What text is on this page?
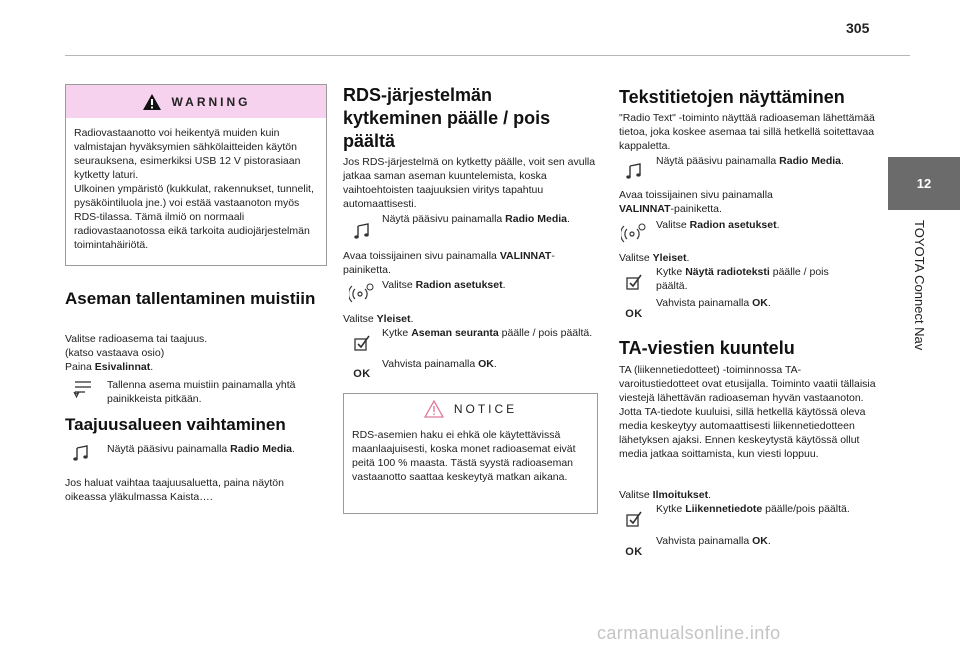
305
12
TOYOTA Connect Nav
WARNING
Radiovastaanotto voi heikentyä muiden kuin valmistajan hyväksymien sähkölaitteiden käytön seurauksena, esimerkiksi USB 12 V pistorasiaan kytketty laturi.
Ulkoinen ympäristö (kukkulat, rakennukset, tunnelit, pysäköintiluola jne.) voi estää vastaanoton myös RDS-tilassa. Tämä ilmiö on normaali radiovastaanotossa eikä tarkoita audiojärjestelmän toimintahäiriötä.
Aseman tallentaminen muistiin
Valitse radioasema tai taajuus.
(katso vastaava osio)
Paina Esivalinnat.
Tallenna asema muistiin painamalla yhtä painikkeista pitkään.
Taajuusalueen vaihtaminen
Näytä pääsivu painamalla Radio Media.
Jos haluat vaihtaa taajuusaluetta, paina näytön oikeassa yläkulmassa Kaista….
RDS-järjestelmän
kytkeminen päälle / pois
päältä
Jos RDS-järjestelmä on kytketty päälle, voit sen avulla jatkaa saman aseman kuuntelemista, koska vaihtoehtoisten taajuuksien viritys tapahtuu automaattisesti.
Näytä pääsivu painamalla Radio Media.
Avaa toissijainen sivu painamalla VALINNAT-painiketta.
Valitse Radion asetukset.
Valitse Yleiset.
Kytke Aseman seuranta päälle / pois päältä.
OK
Vahvista painamalla OK.
NOTICE
RDS-asemien haku ei ehkä ole käytettävissä maanlaajuisesti, koska monet radioasemat eivät peitä 100 % maasta. Tästä syystä radioaseman vastaanotto saattaa keskeytyä matkan aikana.
Tekstitietojen näyttäminen
"Radio Text" -toiminto näyttää radioaseman lähettämää tietoa, joka koskee asemaa tai sillä hetkellä soitettavaa kappaletta.
Näytä pääsivu painamalla Radio Media.
Avaa toissijainen sivu painamalla VALINNAT-painiketta.
Valitse Radion asetukset.
Valitse Yleiset.
Kytke Näytä radioteksti päälle / pois päältä.
OK
Vahvista painamalla OK.
TA-viestien kuuntelu
TA (liikennetiedotteet) -toiminnossa TA-varoitustiedotteet ovat etusijalla. Toiminto vaatii tällaisia viestejä lähettävän radioaseman hyvän vastaanoton. Jotta TA-tiedote kuuluisi, sillä hetkellä käytössä oleva media keskeytyy automaattisesti liikennetiedotteen lähetyksen ajaksi. Ennen keskeytystä käytössä ollut media jatkaa soittamista, kun viesti loppuu.
Valitse Ilmoitukset.
Kytke Liikennetiedote päälle/pois päältä.
OK
Vahvista painamalla OK.
carmanualsonline.info
